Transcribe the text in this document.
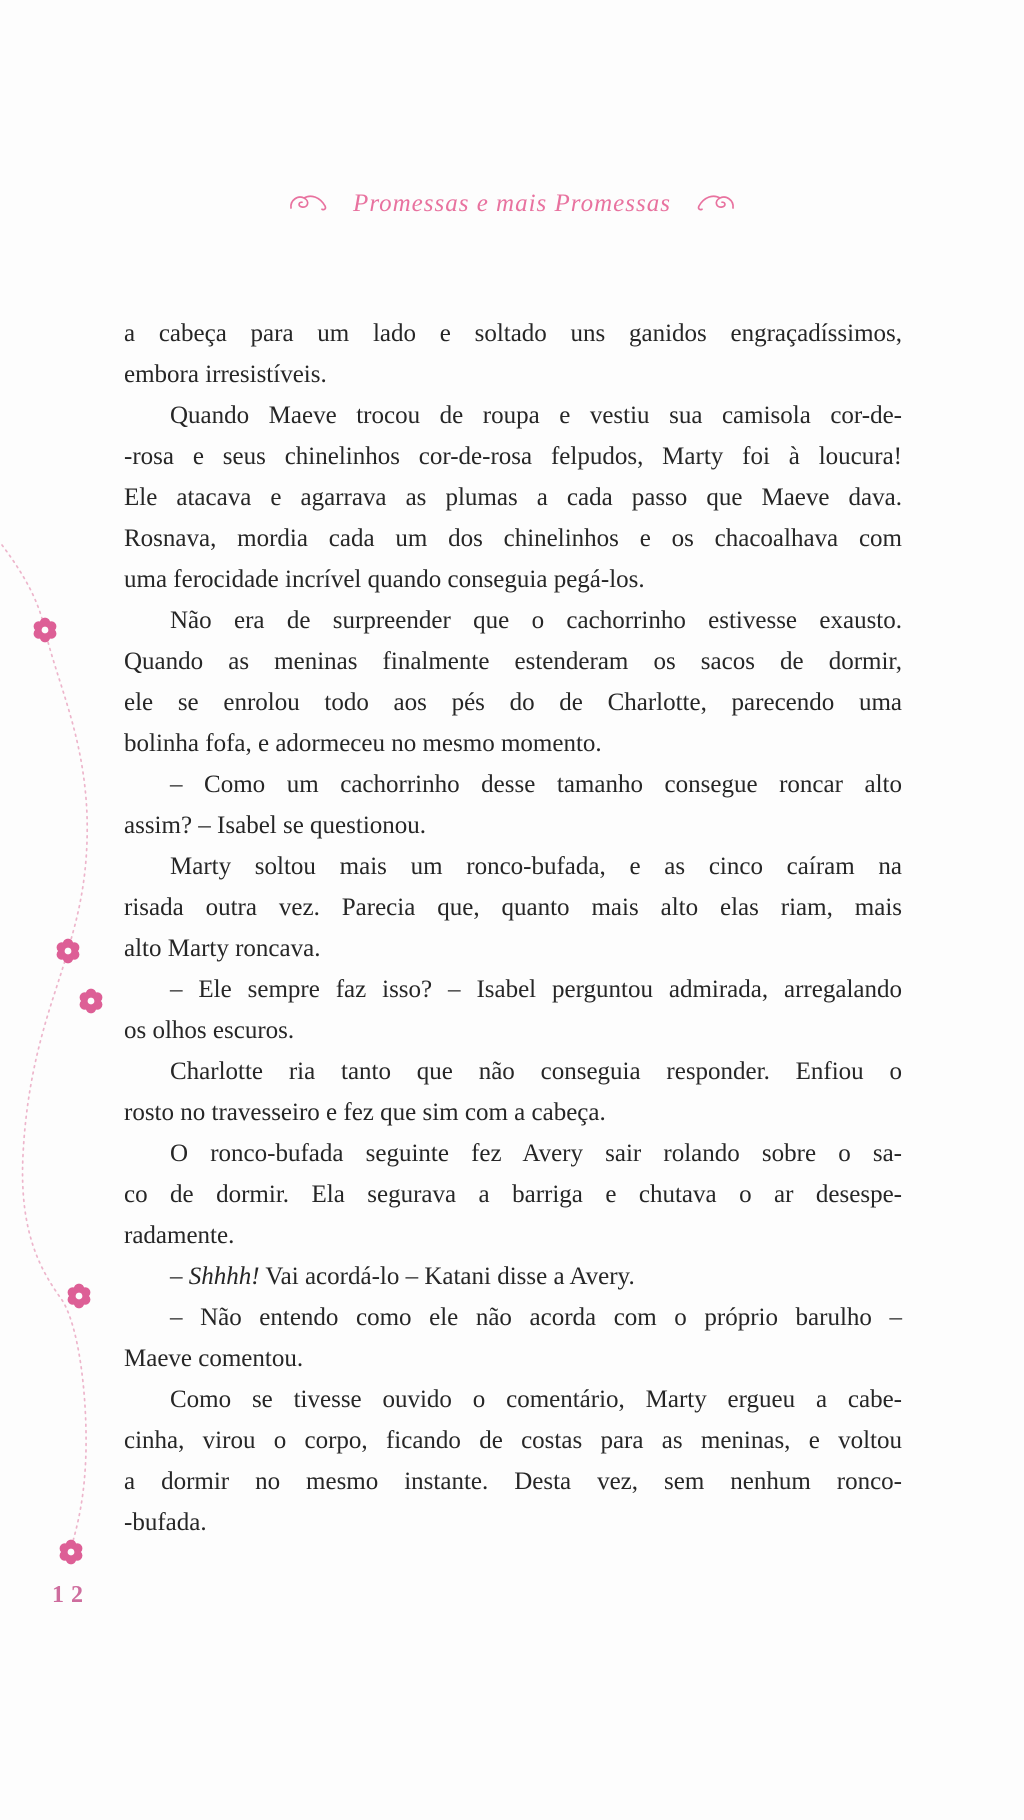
Promessas e mais Promessas
a cabeça para um lado e soltado uns ganidos engraçadíssimos,
embora irresistíveis.
Quando Maeve trocou de roupa e vestiu sua camisola cor-de-
-rosa e seus chinelinhos cor-de-rosa felpudos, Marty foi à loucura!
Ele atacava e agarrava as plumas a cada passo que Maeve dava.
Rosnava, mordia cada um dos chinelinhos e os chacoalhava com
uma ferocidade incrível quando conseguia pegá-los.
Não era de surpreender que o cachorrinho estivesse exausto.
Quando as meninas finalmente estenderam os sacos de dormir,
ele se enrolou todo aos pés do de Charlotte, parecendo uma
bolinha fofa, e adormeceu no mesmo momento.
– Como um cachorrinho desse tamanho consegue roncar alto
assim? – Isabel se questionou.
Marty soltou mais um ronco-bufada, e as cinco caíram na
risada outra vez. Parecia que, quanto mais alto elas riam, mais
alto Marty roncava.
– Ele sempre faz isso? – Isabel perguntou admirada, arregalando
os olhos escuros.
Charlotte ria tanto que não conseguia responder. Enfiou o
rosto no travesseiro e fez que sim com a cabeça.
O ronco-bufada seguinte fez Avery sair rolando sobre o sa-
co de dormir. Ela segurava a barriga e chutava o ar desespe-
radamente.
– Shhhh! Vai acordá-lo – Katani disse a Avery.
– Não entendo como ele não acorda com o próprio barulho –
Maeve comentou.
Como se tivesse ouvido o comentário, Marty ergueu a cabe-
cinha, virou o corpo, ficando de costas para as meninas, e voltou
a dormir no mesmo instante. Desta vez, sem nenhum ronco-
-bufada.
12
